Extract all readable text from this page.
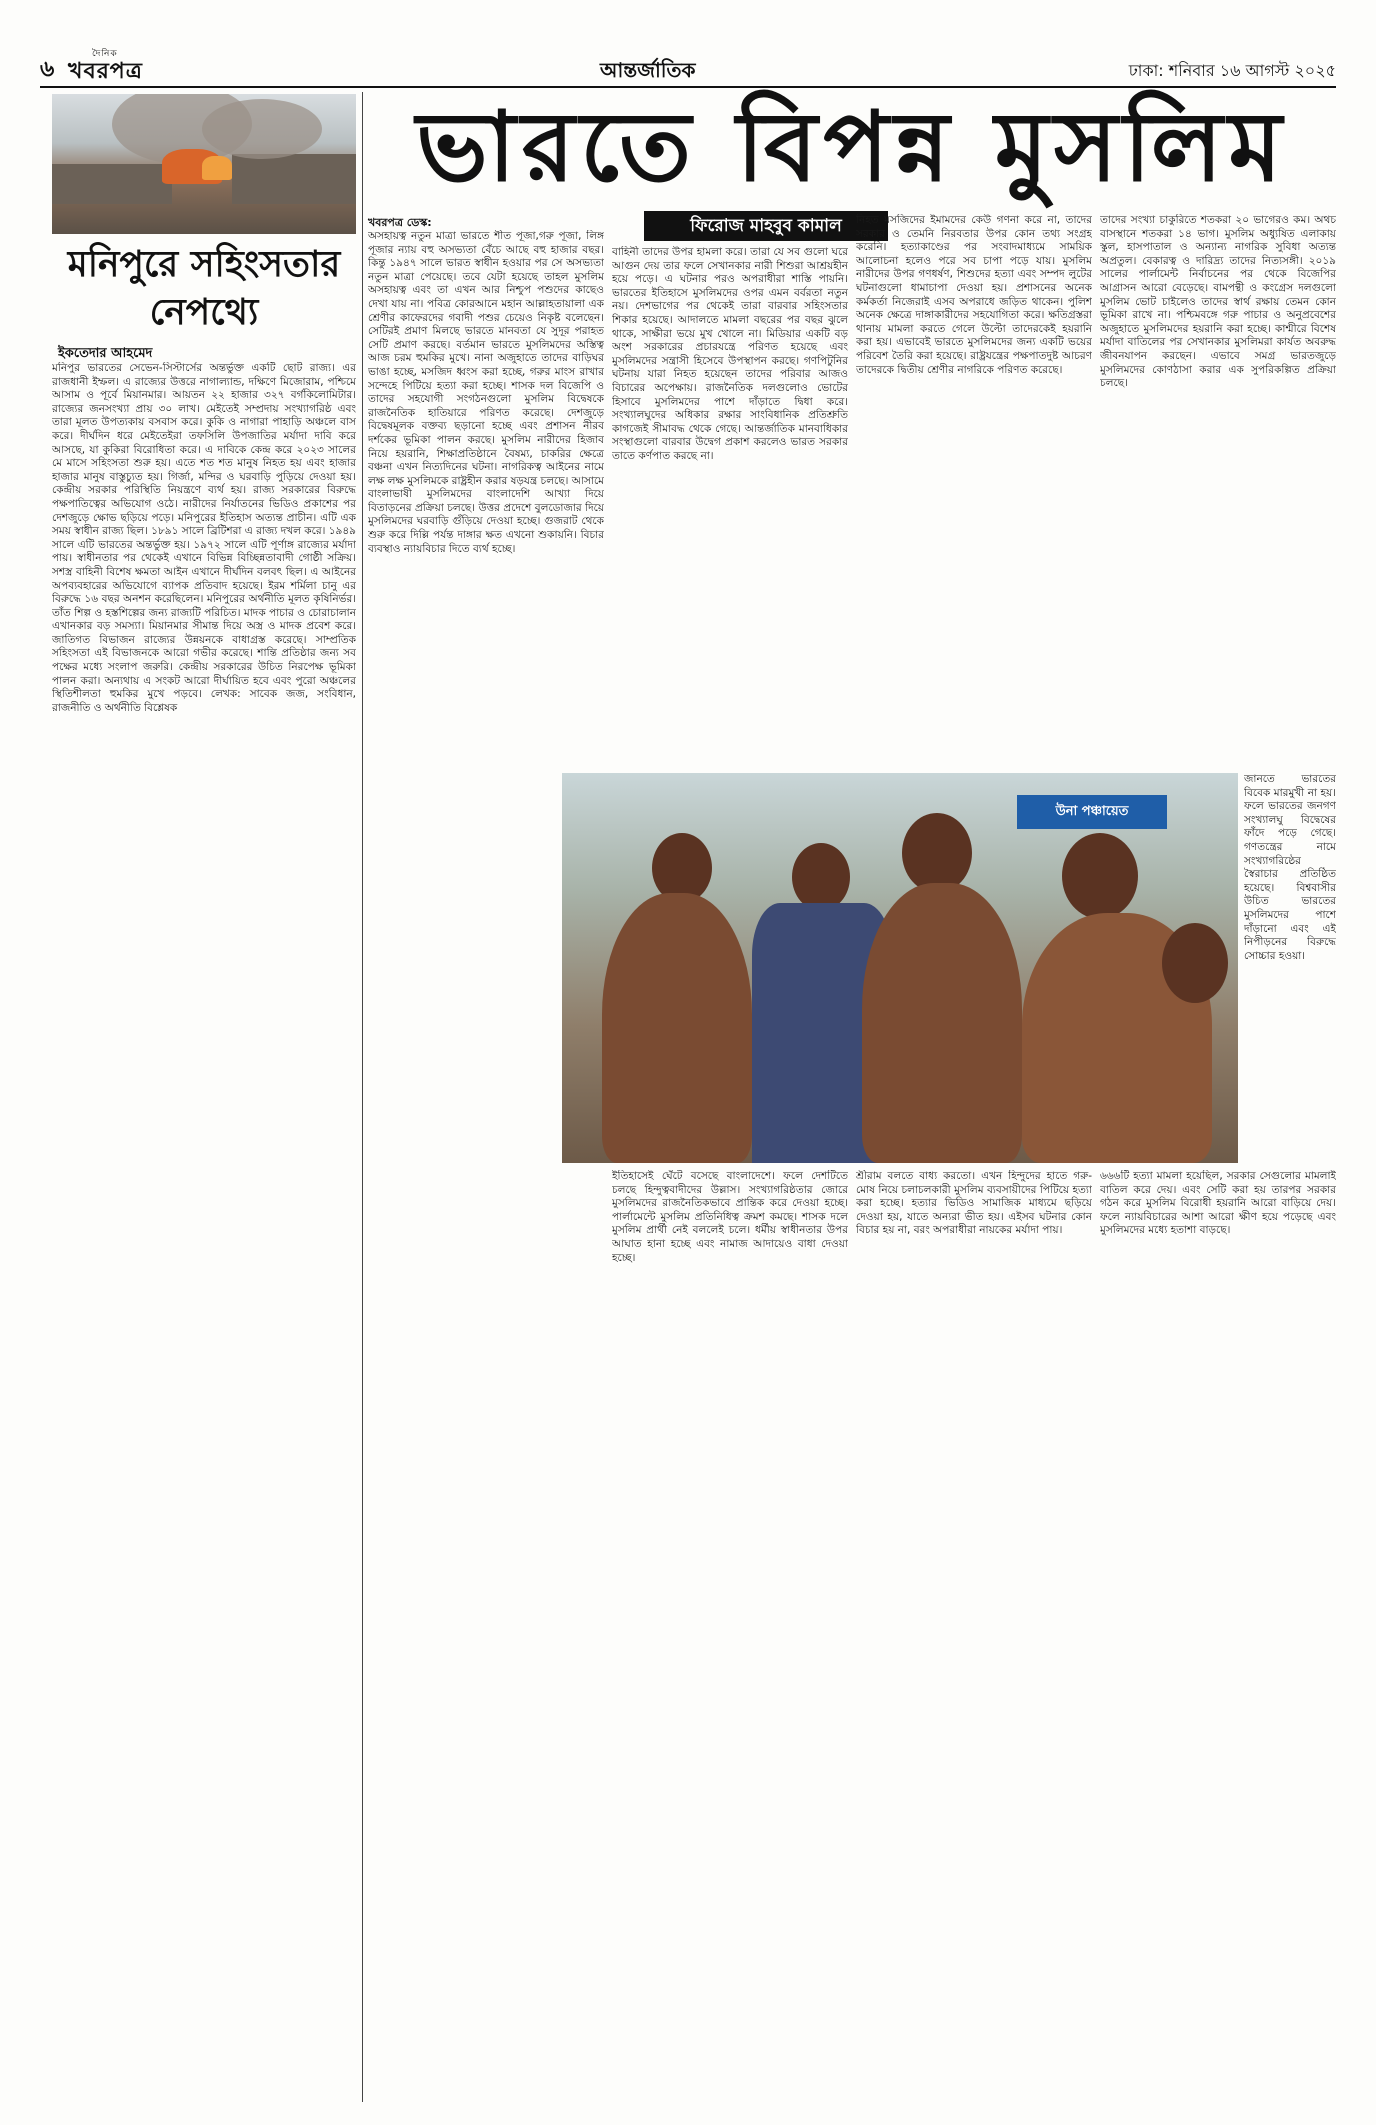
৬
দৈনিক
খবরপত্র	আন্তর্জাতিক	ঢাকা: শনিবার ১৬ আগস্ট ২০২৫
মনিপুরে সহিংসতার নেপথ্যে
ইকতেদার আহমেদ
মনিপুর ভারতের সেভেন-সিস্টার্সের অন্তর্ভুক্ত একটি ছোট রাজ্য। এর রাজধানী ইম্ফল। এ রাজ্যের উত্তরে নাগাল্যান্ড, দক্ষিণে মিজোরাম, পশ্চিমে আসাম ও পূর্বে মিয়ানমার। আয়তন ২২ হাজার ৩২৭ বর্গকিলোমিটার। রাজ্যের জনসংখ্যা প্রায় ৩০ লাখ। মেইতেই সম্প্রদায় সংখ্যাগরিষ্ঠ এবং তারা মূলত উপত্যকায় বসবাস করে। কুকি ও নাগারা পাহাড়ি অঞ্চলে বাস করে। দীর্ঘদিন ধরে মেইতেইরা তফসিলি উপজাতির মর্যাদা দাবি করে আসছে, যা কুকিরা বিরোধিতা করে। এ দাবিকে কেন্দ্র করে ২০২৩ সালের মে মাসে সহিংসতা শুরু হয়। এতে শত শত মানুষ নিহত হয় এবং হাজার হাজার মানুষ বাস্তুচ্যুত হয়। গির্জা, মন্দির ও ঘরবাড়ি পুড়িয়ে দেওয়া হয়। কেন্দ্রীয় সরকার পরিস্থিতি নিয়ন্ত্রণে ব্যর্থ হয়। রাজ্য সরকারের বিরুদ্ধে পক্ষপাতিত্বের অভিযোগ ওঠে। নারীদের নির্যাতনের ভিডিও প্রকাশের পর দেশজুড়ে ক্ষোভ ছড়িয়ে পড়ে। মনিপুরের ইতিহাস অত্যন্ত প্রাচীন। এটি এক সময় স্বাধীন রাজ্য ছিল। ১৮৯১ সালে ব্রিটিশরা এ রাজ্য দখল করে। ১৯৪৯ সালে এটি ভারতের অন্তর্ভুক্ত হয়। ১৯৭২ সালে এটি পূর্ণাঙ্গ রাজ্যের মর্যাদা পায়। স্বাধীনতার পর থেকেই এখানে বিভিন্ন বিচ্ছিন্নতাবাদী গোষ্ঠী সক্রিয়। সশস্ত্র বাহিনী বিশেষ ক্ষমতা আইন এখানে দীর্ঘদিন বলবৎ ছিল। এ আইনের অপব্যবহারের অভিযোগে ব্যাপক প্রতিবাদ হয়েছে। ইরম শর্মিলা চানু এর বিরুদ্ধে ১৬ বছর অনশন করেছিলেন। মনিপুরের অর্থনীতি মূলত কৃষিনির্ভর। তাঁত শিল্প ও হস্তশিল্পের জন্য রাজ্যটি পরিচিত। মাদক পাচার ও চোরাচালান এখানকার বড় সমস্যা। মিয়ানমার সীমান্ত দিয়ে অস্ত্র ও মাদক প্রবেশ করে। জাতিগত বিভাজন রাজ্যের উন্নয়নকে বাধাগ্রস্ত করেছে। সাম্প্রতিক সহিংসতা এই বিভাজনকে আরো গভীর করেছে। শান্তি প্রতিষ্ঠার জন্য সব পক্ষের মধ্যে সংলাপ জরুরি। কেন্দ্রীয় সরকারের উচিত নিরপেক্ষ ভূমিকা পালন করা। অন্যথায় এ সংকট আরো দীর্ঘায়িত হবে এবং পুরো অঞ্চলের স্থিতিশীলতা হুমকির মুখে পড়বে। লেখক: সাবেক জজ, সংবিধান, রাজনীতি ও অর্থনীতি বিশ্লেষক
ভারতে বিপন্ন মুসলিম
ফিরোজ মাহবুব কামাল
খবরপত্র ডেস্ক:
অসহায়ত্ব নতুন মাত্রা ভারতে শীত পূজা,গরু পূজা, লিঙ্গ পূজার ন্যায় বহু অসভ্যতা বেঁচে আছে বহু হাজার বছর। কিন্তু ১৯৪৭ সালে ভারত স্বাধীন হওয়ার পর সে অসভ্যতা নতুন মাত্রা পেয়েছে। তবে যেটা হয়েছে তাহল মুসলিম অসহায়ত্ব এবং তা এখন আর নিশ্চুপ পশুদের কাছেও দেখা যায় না। পবিত্র কোরআনে মহান আল্লাহতায়ালা এক শ্রেণীর কাফেরদের গবাদী পশুর চেয়েও নিকৃষ্ট বলেছেন। সেটিরই প্রমাণ মিলছে ভারতে মানবতা যে সুদূর পরাহত সেটি প্রমাণ করছে। বর্তমান ভারতে মুসলিমদের অস্তিত্ব আজ চরম হুমকির মুখে। নানা অজুহাতে তাদের বাড়িঘর ভাঙা হচ্ছে, মসজিদ ধ্বংস করা হচ্ছে, গরুর মাংস রাখার সন্দেহে পিটিয়ে হত্যা করা হচ্ছে। শাসক দল বিজেপি ও তাদের সহযোগী সংগঠনগুলো মুসলিম বিদ্বেষকে রাজনৈতিক হাতিয়ারে পরিণত করেছে। দেশজুড়ে বিদ্বেষমূলক বক্তব্য ছড়ানো হচ্ছে এবং প্রশাসন নীরব দর্শকের ভূমিকা পালন করছে। মুসলিম নারীদের হিজাব নিয়ে হয়রানি, শিক্ষাপ্রতিষ্ঠানে বৈষম্য, চাকরির ক্ষেত্রে বঞ্চনা এখন নিত্যদিনের ঘটনা। নাগরিকত্ব আইনের নামে লক্ষ লক্ষ মুসলিমকে রাষ্ট্রহীন করার ষড়যন্ত্র চলছে। আসামে বাংলাভাষী মুসলিমদের বাংলাদেশি আখ্যা দিয়ে বিতাড়নের প্রক্রিয়া চলছে। উত্তর প্রদেশে বুলডোজার দিয়ে মুসলিমদের ঘরবাড়ি গুঁড়িয়ে দেওয়া হচ্ছে। গুজরাট থেকে শুরু করে দিল্লি পর্যন্ত দাঙ্গার ক্ষত এখনো শুকায়নি। বিচার ব্যবস্থাও ন্যায়বিচার দিতে ব্যর্থ হচ্ছে।
বাহিনী তাদের উপর হামলা করে। তারা যে সব গুলো ঘরে আগুন দেয় তার ফলে সেখানকার নারী শিশুরা আশ্রয়হীন হয়ে পড়ে। এ ঘটনার পরও অপরাধীরা শাস্তি পায়নি। ভারতের ইতিহাসে মুসলিমদের ওপর এমন বর্বরতা নতুন নয়। দেশভাগের পর থেকেই তারা বারবার সহিংসতার শিকার হয়েছে। আদালতে মামলা বছরের পর বছর ঝুলে থাকে, সাক্ষীরা ভয়ে মুখ খোলে না। মিডিয়ার একটি বড় অংশ সরকারের প্রচারযন্ত্রে পরিণত হয়েছে এবং মুসলিমদের সন্ত্রাসী হিসেবে উপস্থাপন করছে। গণপিটুনির ঘটনায় যারা নিহত হয়েছেন তাদের পরিবার আজও বিচারের অপেক্ষায়। রাজনৈতিক দলগুলোও ভোটের হিসাবে মুসলিমদের পাশে দাঁড়াতে দ্বিধা করে। সংখ্যালঘুদের অধিকার রক্ষার সাংবিধানিক প্রতিশ্রুতি কাগজেই সীমাবদ্ধ থেকে গেছে। আন্তর্জাতিক মানবাধিকার সংস্থাগুলো বারবার উদ্বেগ প্রকাশ করলেও ভারত সরকার তাতে কর্ণপাত করছে না।
নিহত মসজিদের ইমামদের কেউ গণনা করে না, তাদের সরকার ও তেমনি নিরবতার উপর কোন তথ্য সংগ্রহ করেনি। হত্যাকাণ্ডের পর সংবাদমাধ্যমে সাময়িক আলোচনা হলেও পরে সব চাপা পড়ে যায়। মুসলিম নারীদের উপর গণধর্ষণ, শিশুদের হত্যা এবং সম্পদ লুটের ঘটনাগুলো ধামাচাপা দেওয়া হয়। প্রশাসনের অনেক কর্মকর্তা নিজেরাই এসব অপরাধে জড়িত থাকেন। পুলিশ অনেক ক্ষেত্রে দাঙ্গাকারীদের সহযোগিতা করে। ক্ষতিগ্রস্তরা থানায় মামলা করতে গেলে উল্টো তাদেরকেই হয়রানি করা হয়। এভাবেই ভারতে মুসলিমদের জন্য একটি ভয়ের পরিবেশ তৈরি করা হয়েছে। রাষ্ট্রযন্ত্রের পক্ষপাতদুষ্ট আচরণ তাদেরকে দ্বিতীয় শ্রেণীর নাগরিকে পরিণত করেছে।
তাদের সংখ্যা চাকুরিতে শতকরা ২০ ভাগেরও কম। অথচ বাসস্থানে শতকরা ১৪ ভাগ। মুসলিম অধ্যুষিত এলাকায় স্কুল, হাসপাতাল ও অন্যান্য নাগরিক সুবিধা অত্যন্ত অপ্রতুল। বেকারত্ব ও দারিদ্র্য তাদের নিত্যসঙ্গী। ২০১৯ সালের পার্লামেন্ট নির্বাচনের পর থেকে বিজেপির আগ্রাসন আরো বেড়েছে। বামপন্থী ও কংগ্রেস দলগুলো মুসলিম ভোট চাইলেও তাদের স্বার্থ রক্ষায় তেমন কোন ভূমিকা রাখে না। পশ্চিমবঙ্গে গরু পাচার ও অনুপ্রবেশের অজুহাতে মুসলিমদের হয়রানি করা হচ্ছে। কাশ্মীরে বিশেষ মর্যাদা বাতিলের পর সেখানকার মুসলিমরা কার্যত অবরুদ্ধ জীবনযাপন করছেন। এভাবে সমগ্র ভারতজুড়ে মুসলিমদের কোণঠাসা করার এক সুপরিকল্পিত প্রক্রিয়া চলছে।
উনা পঞ্চায়েত
ইতিহাসেই ঘেঁটে বসেছে বাংলাদেশে। ফলে দেশটিতে চলছে হিন্দুত্ববাদীদের উল্লাস। সংখ্যাগরিষ্ঠতার জোরে মুসলিমদের রাজনৈতিকভাবে প্রান্তিক করে দেওয়া হচ্ছে। পার্লামেন্টে মুসলিম প্রতিনিধিত্ব ক্রমশ কমছে। শাসক দলে মুসলিম প্রার্থী নেই বললেই চলে। ধর্মীয় স্বাধীনতার উপর আঘাত হানা হচ্ছে এবং নামাজ আদায়েও বাধা দেওয়া হচ্ছে।
শ্রীরাম বলতে বাধ্য করতো। এখন হিন্দুদের হাতে গরু-মোষ নিয়ে চলাচলকারী মুসলিম ব্যবসায়ীদের পিটিয়ে হত্যা করা হচ্ছে। হত্যার ভিডিও সামাজিক মাধ্যমে ছড়িয়ে দেওয়া হয়, যাতে অন্যরা ভীত হয়। এইসব ঘটনার কোন বিচার হয় না, বরং অপরাধীরা নায়কের মর্যাদা পায়।
৬৬৬টি হত্যা মামলা হয়েছিল, সরকার সেগুলোর মামলাই বাতিল করে দেয়। এবং সেটি করা হয় তারপর সরকার গঠন করে মুসলিম বিরোধী হয়রানি আরো বাড়িয়ে দেয়। ফলে ন্যায়বিচারের আশা আরো ক্ষীণ হয়ে পড়েছে এবং মুসলিমদের মধ্যে হতাশা বাড়ছে।
জানতে ভারতের বিবেক মারমুখী না হয়। ফলে ভারতের জনগণ সংখ্যালঘু বিদ্বেষের ফাঁদে পড়ে গেছে। গণতন্ত্রের নামে সংখ্যাগরিষ্ঠের স্বৈরাচার প্রতিষ্ঠিত হয়েছে। বিশ্ববাসীর উচিত ভারতের মুসলিমদের পাশে দাঁড়ানো এবং এই নিপীড়নের বিরুদ্ধে সোচ্চার হওয়া।
